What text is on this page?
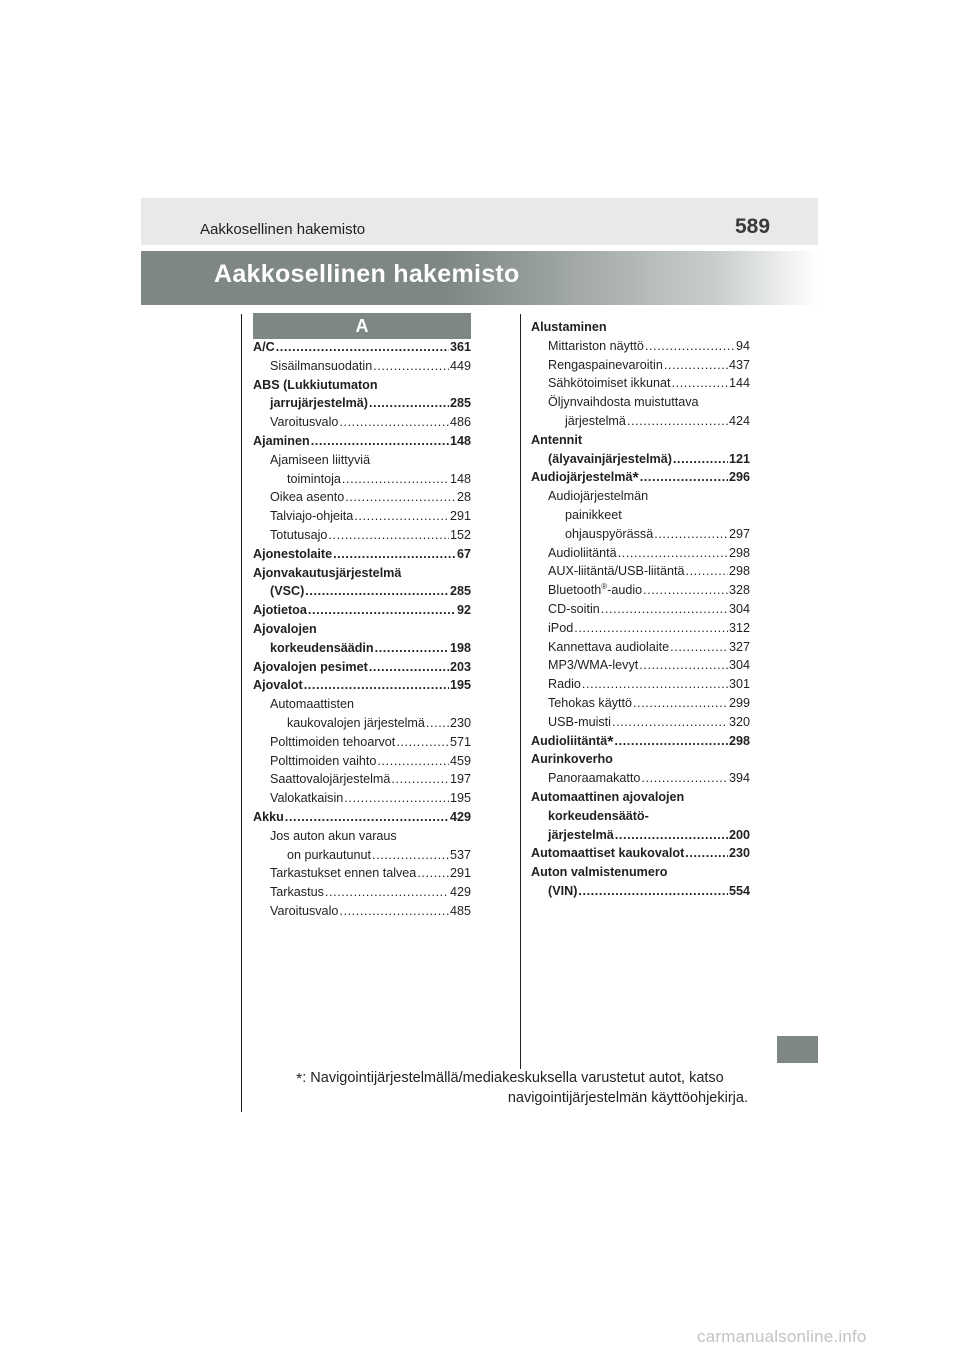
Aakkosellinen hakemisto	589
Aakkosellinen hakemisto
A
A/C .....	361
Sisäilmansuodatin .....	449
ABS (Lukkiutumaton
jarrujärjestelmä) .....	285
Varoitusvalo .....	486
Ajaminen .....	148
Ajamiseen liittyviä
toimintoja .....	148
Oikea asento .....	28
Talviajo-ohjeita .....	291
Totutusajo .....	152
Ajonestolaite .....	67
Ajonvakautusjärjestelmä
(VSC) .....	285
Ajotietoa .....	92
Ajovalojen
korkeudensäädin .....	198
Ajovalojen pesimet .....	203
Ajovalot .....	195
Automaattisten
kaukovalojen järjestelmä ..... 230
Polttimoiden tehoarvot .....	571
Polttimoiden vaihto .....	459
Saattovalojärjestelmä .....	197
Valokatkaisin .....	195
Akku .....	429
Jos auton akun varaus
on purkautunut .....	537
Tarkastukset ennen talvea .....	291
Tarkastus .....	429
Varoitusvalo .....	485
Alustaminen
Mittariston näyttö .....	94
Rengaspainevaroitin .....	437
Sähkötoimiset ikkunat .....	144
Öljynvaihdosta muistuttava
järjestelmä .....	424
Antennit
(älyavainjärjestelmä) .....	121
Audiojärjestelmä* .....	296
Audiojärjestelmän
painikkeet
ohjauspyörässä .....	297
Audioliitäntä .....	298
AUX-liitäntä/USB-liitäntä .....	298
Bluetooth®-audio .....	328
CD-soitin .....	304
iPod .....	312
Kannettava audiolaite .....	327
MP3/WMA-levyt .....	304
Radio .....	301
Tehokas käyttö .....	299
USB-muisti .....	320
Audioliitäntä* .....	298
Aurinkoverho
Panoraamakatto .....	394
Automaattinen ajovalojen
korkeudensäätö-
järjestelmä .....	200
Automaattiset kaukovalot .....	230
Auton valmistenumero
(VIN) .....	554
*: Navigointijärjestelmällä/mediakeskuksella varustetut autot, katso
navigointijärjestelmän käyttöohjekirja.
carmanualsonline.info
